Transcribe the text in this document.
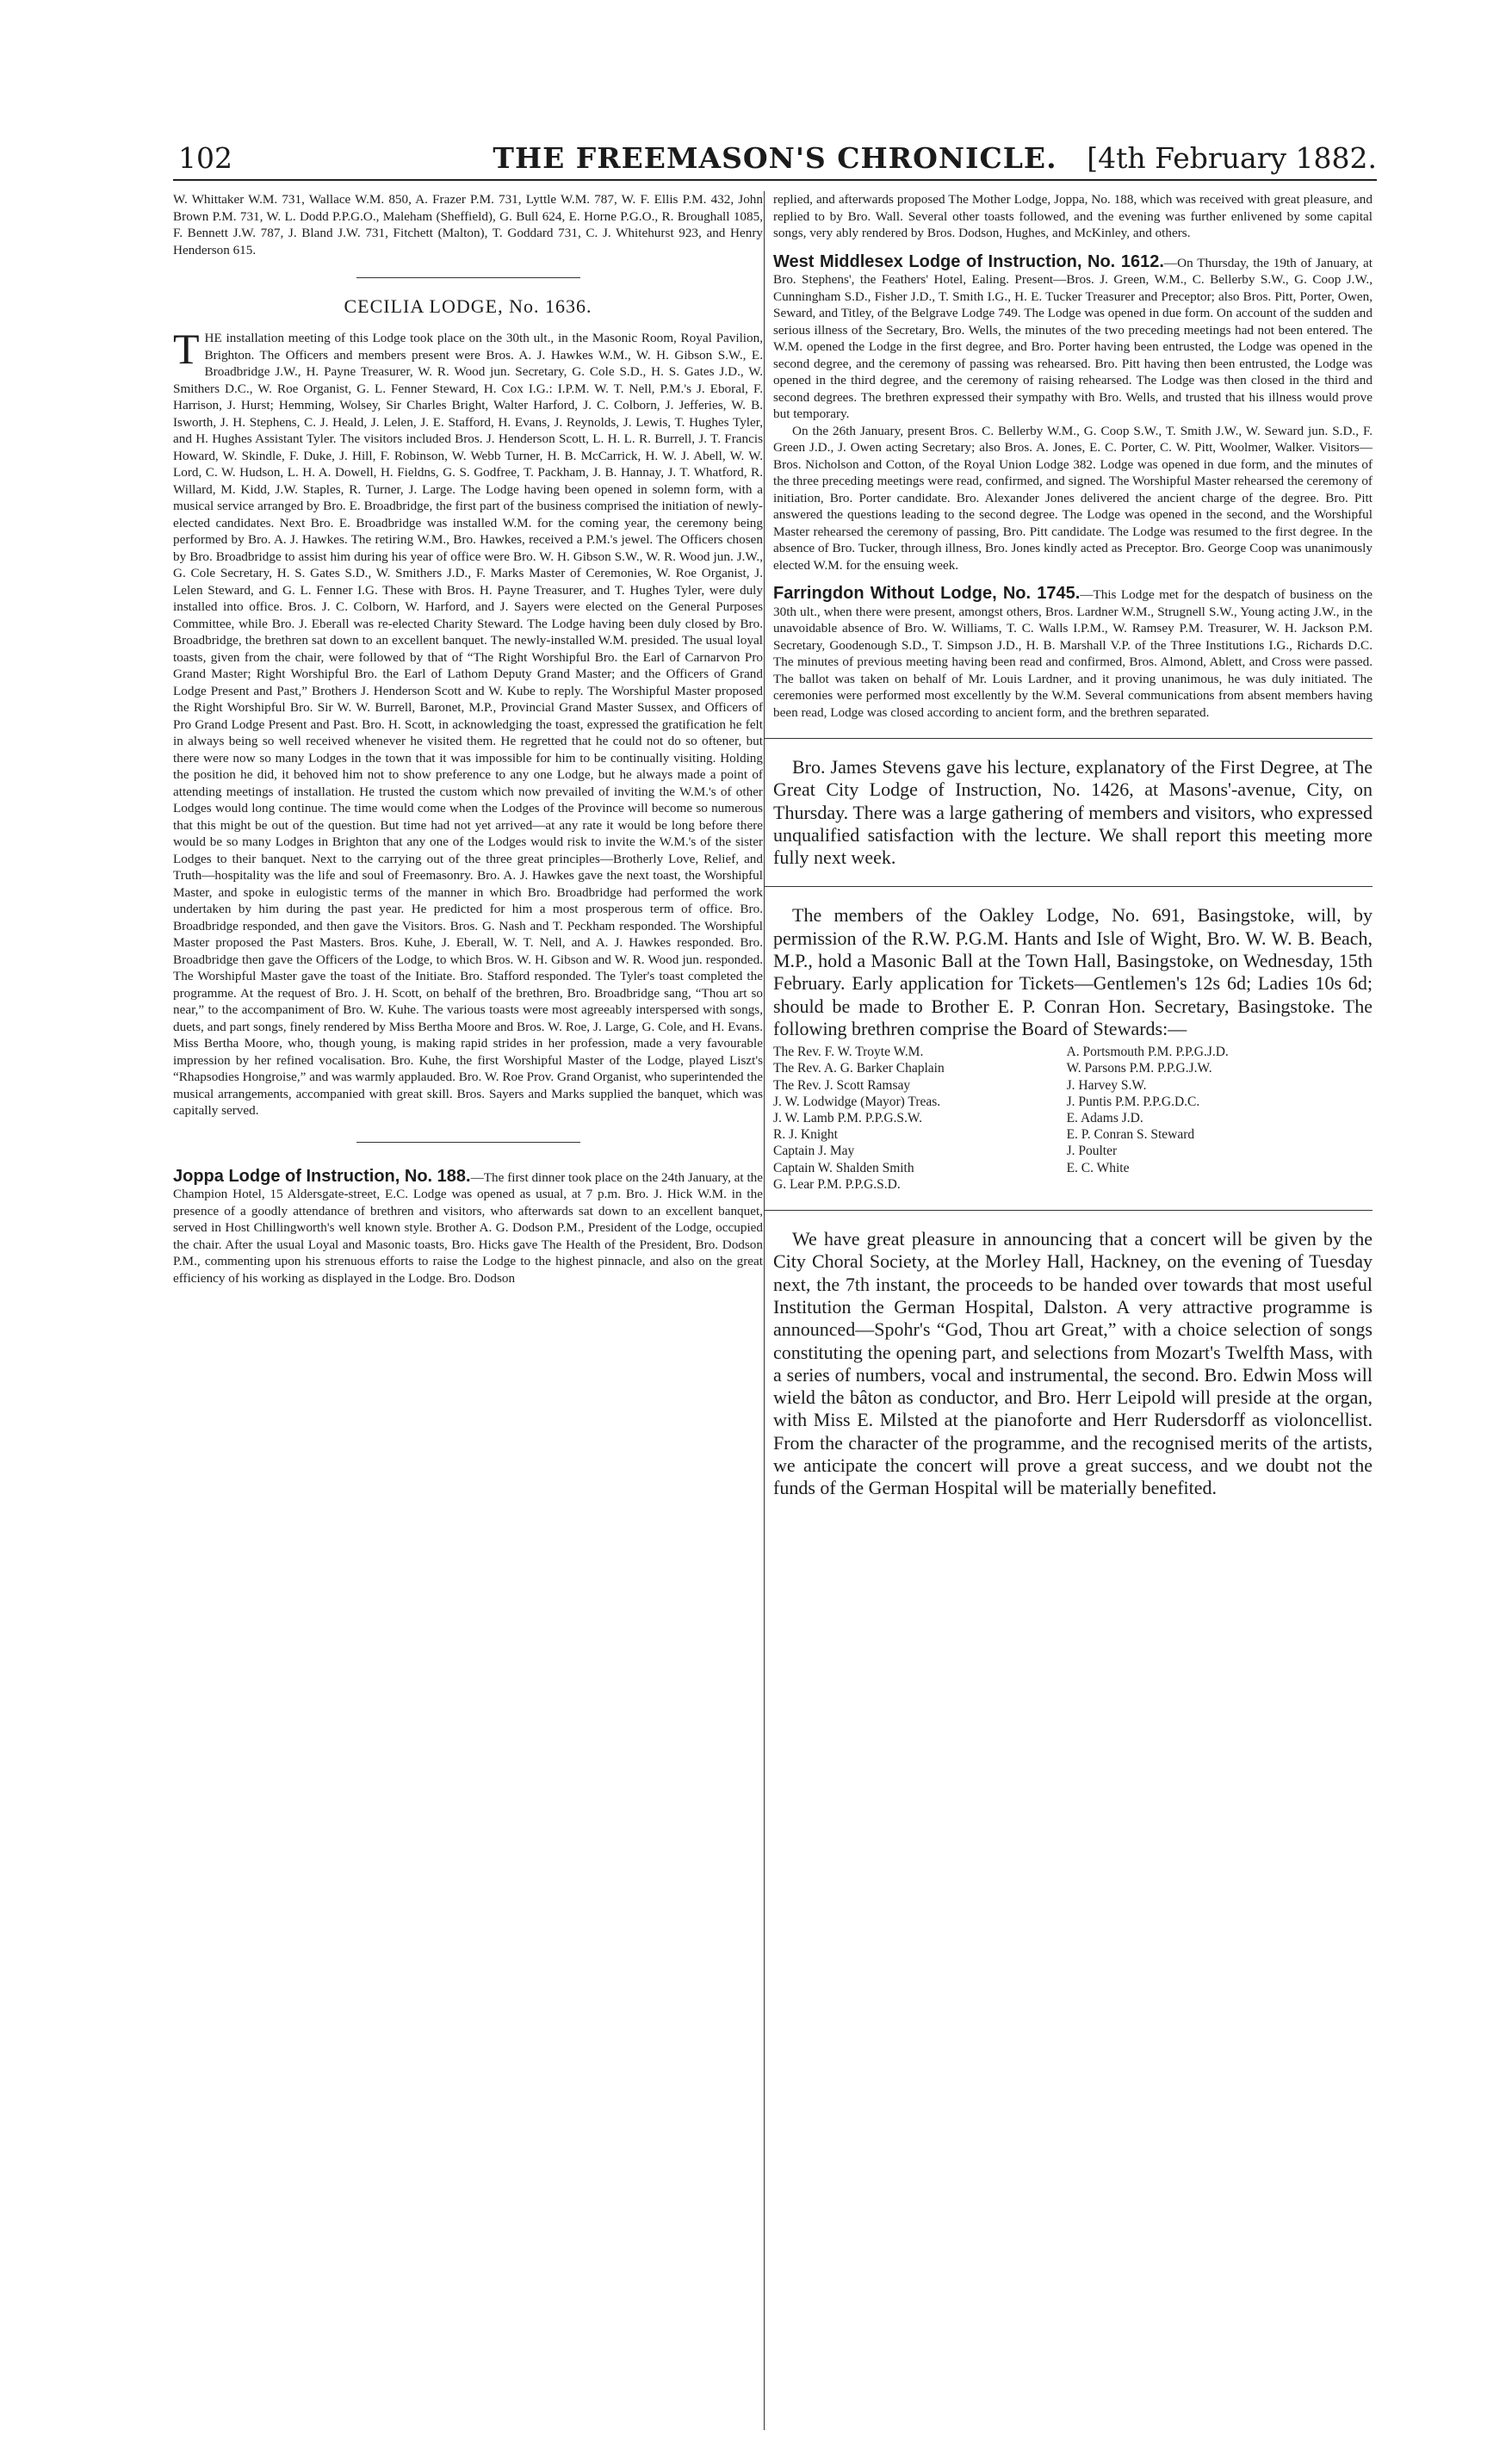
102	THE FREEMASON'S CHRONICLE.	[4th February 1882.

W. Whittaker W.M. 731, Wallace W.M. 850, A. Frazer P.M. 731, Lyttle W.M. 787, W. F. Ellis P.M. 432, John Brown P.M. 731, W. L. Dodd P.P.G.O., Maleham (Sheffield), G. Bull 624, E. Horne P.G.O., R. Broughall 1085, F. Bennett J.W. 787, J. Bland J.W. 731, Fitchett (Malton), T. Goddard 731, C. J. Whitehurst 923, and Henry Henderson 615.

CECILIA LODGE, No. 1636.

THE installation meeting of this Lodge took place on the 30th ult., in the Masonic Room, Royal Pavilion, Brighton. The Officers and members present were Bros. A. J. Hawkes W.M., W. H. Gibson S.W., E. Broadbridge J.W., H. Payne Treasurer, W. R. Wood jun. Secretary, G. Cole S.D., H. S. Gates J.D., W. Smithers D.C., W. Roe Organist, G. L. Fenner Steward, H. Cox I.G.: I.P.M. W. T. Nell, P.M.'s J. Eboral, F. Harrison, J. Hurst; Hemming, Wolsey, Sir Charles Bright, Walter Harford, J. C. Colborn, J. Jefferies, W. B. Isworth, J. H. Stephens, C. J. Heald, J. Lelen, J. E. Stafford, H. Evans, J. Reynolds, J. Lewis, T. Hughes Tyler, and H. Hughes Assistant Tyler. The visitors included Bros. J. Henderson Scott, L. H. L. R. Burrell, J. T. Francis Howard, W. Skindle, F. Duke, J. Hill, F. Robinson, W. Webb Turner, H. B. McCarrick, H. W. J. Abell, W. W. Lord, C. W. Hudson, L. H. A. Dowell, H. Fieldns, G. S. Godfree, T. Packham, J. B. Hannay, J. T. Whatford, R. Willard, M. Kidd, J.W. Staples, R. Turner, J. Large. The Lodge having been opened in solemn form, with a musical service arranged by Bro. E. Broadbridge, the first part of the business comprised the initiation of newly-elected candidates. Next Bro. E. Broadbridge was installed W.M. for the coming year, the ceremony being performed by Bro. A. J. Hawkes. The retiring W.M., Bro. Hawkes, received a P.M.'s jewel. The Officers chosen by Bro. Broadbridge to assist him during his year of office were Bro. W. H. Gibson S.W., W. R. Wood jun. J.W., G. Cole Secretary, H. S. Gates S.D., W. Smithers J.D., F. Marks Master of Ceremonies, W. Roe Organist, J. Lelen Steward, and G. L. Fenner I.G. These with Bros. H. Payne Treasurer, and T. Hughes Tyler, were duly installed into office. Bros. J. C. Colborn, W. Harford, and J. Sayers were elected on the General Purposes Committee, while Bro. J. Eberall was re-elected Charity Steward. The Lodge having been duly closed by Bro. Broadbridge, the brethren sat down to an excellent banquet. The newly-installed W.M. presided. The usual loyal toasts, given from the chair, were followed by that of “The Right Worshipful Bro. the Earl of Carnarvon Pro Grand Master; Right Worshipful Bro. the Earl of Lathom Deputy Grand Master; and the Officers of Grand Lodge Present and Past,” Brothers J. Henderson Scott and W. Kube to reply. The Worshipful Master proposed the Right Worshipful Bro. Sir W. W. Burrell, Baronet, M.P., Provincial Grand Master Sussex, and Officers of Pro Grand Lodge Present and Past. Bro. H. Scott, in acknowledging the toast, expressed the gratification he felt in always being so well received whenever he visited them. He regretted that he could not do so oftener, but there were now so many Lodges in the town that it was impossible for him to be continually visiting. Holding the position he did, it behoved him not to show preference to any one Lodge, but he always made a point of attending meetings of installation. He trusted the custom which now prevailed of inviting the W.M.'s of other Lodges would long continue. The time would come when the Lodges of the Province will become so numerous that this might be out of the question. But time had not yet arrived—at any rate it would be long before there would be so many Lodges in Brighton that any one of the Lodges would risk to invite the W.M.'s of the sister Lodges to their banquet. Next to the carrying out of the three great principles—Brotherly Love, Relief, and Truth—hospitality was the life and soul of Freemasonry. Bro. A. J. Hawkes gave the next toast, the Worshipful Master, and spoke in eulogistic terms of the manner in which Bro. Broadbridge had performed the work undertaken by him during the past year. He predicted for him a most prosperous term of office. Bro. Broadbridge responded, and then gave the Visitors. Bros. G. Nash and T. Peckham responded. The Worshipful Master proposed the Past Masters. Bros. Kuhe, J. Eberall, W. T. Nell, and A. J. Hawkes responded. Bro. Broadbridge then gave the Officers of the Lodge, to which Bros. W. H. Gibson and W. R. Wood jun. responded. The Worshipful Master gave the toast of the Initiate. Bro. Stafford responded. The Tyler's toast completed the programme. At the request of Bro. J. H. Scott, on behalf of the brethren, Bro. Broadbridge sang, “Thou art so near,” to the accompaniment of Bro. W. Kuhe. The various toasts were most agreeably interspersed with songs, duets, and part songs, finely rendered by Miss Bertha Moore and Bros. W. Roe, J. Large, G. Cole, and H. Evans. Miss Bertha Moore, who, though young, is making rapid strides in her profession, made a very favourable impression by her refined vocalisation. Bro. Kuhe, the first Worshipful Master of the Lodge, played Liszt's “Rhapsodies Hongroise,” and was warmly applauded. Bro. W. Roe Prov. Grand Organist, who superintended the musical arrangements, accompanied with great skill. Bros. Sayers and Marks supplied the banquet, which was capitally served.

Joppa Lodge of Instruction, No. 188.—The first dinner took place on the 24th January, at the Champion Hotel, 15 Aldersgate-street, E.C. Lodge was opened as usual, at 7 p.m. Bro. J. Hick W.M. in the presence of a goodly attendance of brethren and visitors, who afterwards sat down to an excellent banquet, served in Host Chillingworth's well known style. Brother A. G. Dodson P.M., President of the Lodge, occupied the chair. After the usual Loyal and Masonic toasts, Bro. Hicks gave The Health of the President, Bro. Dodson P.M., commenting upon his strenuous efforts to raise the Lodge to the highest pinnacle, and also on the great efficiency of his working as displayed in the Lodge. Bro. Dodson

replied, and afterwards proposed The Mother Lodge, Joppa, No. 188, which was received with great pleasure, and replied to by Bro. Wall. Several other toasts followed, and the evening was further enlivened by some capital songs, very ably rendered by Bros. Dodson, Hughes, and McKinley, and others.

West Middlesex Lodge of Instruction, No. 1612.—On Thursday, the 19th of January, at Bro. Stephens', the Feathers' Hotel, Ealing. Present—Bros. J. Green, W.M., C. Bellerby S.W., G. Coop J.W., Cunningham S.D., Fisher J.D., T. Smith I.G., H. E. Tucker Treasurer and Preceptor; also Bros. Pitt, Porter, Owen, Seward, and Titley, of the Belgrave Lodge 749. The Lodge was opened in due form. On account of the sudden and serious illness of the Secretary, Bro. Wells, the minutes of the two preceding meetings had not been entered. The W.M. opened the Lodge in the first degree, and Bro. Porter having been entrusted, the Lodge was opened in the second degree, and the ceremony of passing was rehearsed. Bro. Pitt having then been entrusted, the Lodge was opened in the third degree, and the ceremony of raising rehearsed. The Lodge was then closed in the third and second degrees. The brethren expressed their sympathy with Bro. Wells, and trusted that his illness would prove but temporary.

On the 26th January, present Bros. C. Bellerby W.M., G. Coop S.W., T. Smith J.W., W. Seward jun. S.D., F. Green J.D., J. Owen acting Secretary; also Bros. A. Jones, E. C. Porter, C. W. Pitt, Woolmer, Walker. Visitors—Bros. Nicholson and Cotton, of the Royal Union Lodge 382. Lodge was opened in due form, and the minutes of the three preceding meetings were read, confirmed, and signed. The Worshipful Master rehearsed the ceremony of initiation, Bro. Porter candidate. Bro. Alexander Jones delivered the ancient charge of the degree. Bro. Pitt answered the questions leading to the second degree. The Lodge was opened in the second, and the Worshipful Master rehearsed the ceremony of passing, Bro. Pitt candidate. The Lodge was resumed to the first degree. In the absence of Bro. Tucker, through illness, Bro. Jones kindly acted as Preceptor. Bro. George Coop was unanimously elected W.M. for the ensuing week.

Farringdon Without Lodge, No. 1745.—This Lodge met for the despatch of business on the 30th ult., when there were present, amongst others, Bros. Lardner W.M., Strugnell S.W., Young acting J.W., in the unavoidable absence of Bro. W. Williams, T. C. Walls I.P.M., W. Ramsey P.M. Treasurer, W. H. Jackson P.M. Secretary, Goodenough S.D., T. Simpson J.D., H. B. Marshall V.P. of the Three Institutions I.G., Richards D.C. The minutes of previous meeting having been read and confirmed, Bros. Almond, Ablett, and Cross were passed. The ballot was taken on behalf of Mr. Louis Lardner, and it proving unanimous, he was duly initiated. The ceremonies were performed most excellently by the W.M. Several communications from absent members having been read, Lodge was closed according to ancient form, and the brethren separated.

Bro. James Stevens gave his lecture, explanatory of the First Degree, at The Great City Lodge of Instruction, No. 1426, at Masons'-avenue, City, on Thursday. There was a large gathering of members and visitors, who expressed unqualified satisfaction with the lecture. We shall report this meeting more fully next week.

The members of the Oakley Lodge, No. 691, Basingstoke, will, by permission of the R.W. P.G.M. Hants and Isle of Wight, Bro. W. W. B. Beach, M.P., hold a Masonic Ball at the Town Hall, Basingstoke, on Wednesday, 15th February. Early application for Tickets—Gentlemen's 12s 6d; Ladies 10s 6d; should be made to Brother E. P. Conran Hon. Secretary, Basingstoke. The following brethren comprise the Board of Stewards:—

The Rev. F. W. Troyte W.M.
The Rev. A. G. Barker Chaplain
The Rev. J. Scott Ramsay
J. W. Lodwidge (Mayor) Treas.
J. W. Lamb P.M. P.P.G.S.W.
R. J. Knight
Captain J. May
Captain W. Shalden Smith
G. Lear P.M. P.P.G.S.D.
A. Portsmouth P.M. P.P.G.J.D.
W. Parsons P.M. P.P.G.J.W.
J. Harvey S.W.
J. Puntis P.M. P.P.G.D.C.
E. Adams J.D.
E. P. Conran S. Steward
J. Poulter
E. C. White

We have great pleasure in announcing that a concert will be given by the City Choral Society, at the Morley Hall, Hackney, on the evening of Tuesday next, the 7th instant, the proceeds to be handed over towards that most useful Institution the German Hospital, Dalston. A very attractive programme is announced—Spohr's “God, Thou art Great,” with a choice selection of songs constituting the opening part, and selections from Mozart's Twelfth Mass, with a series of numbers, vocal and instrumental, the second. Bro. Edwin Moss will wield the bâton as conductor, and Bro. Herr Leipold will preside at the organ, with Miss E. Milsted at the pianoforte and Herr Rudersdorff as violoncellist. From the character of the programme, and the recognised merits of the artists, we anticipate the concert will prove a great success, and we doubt not the funds of the German Hospital will be materially benefited.
